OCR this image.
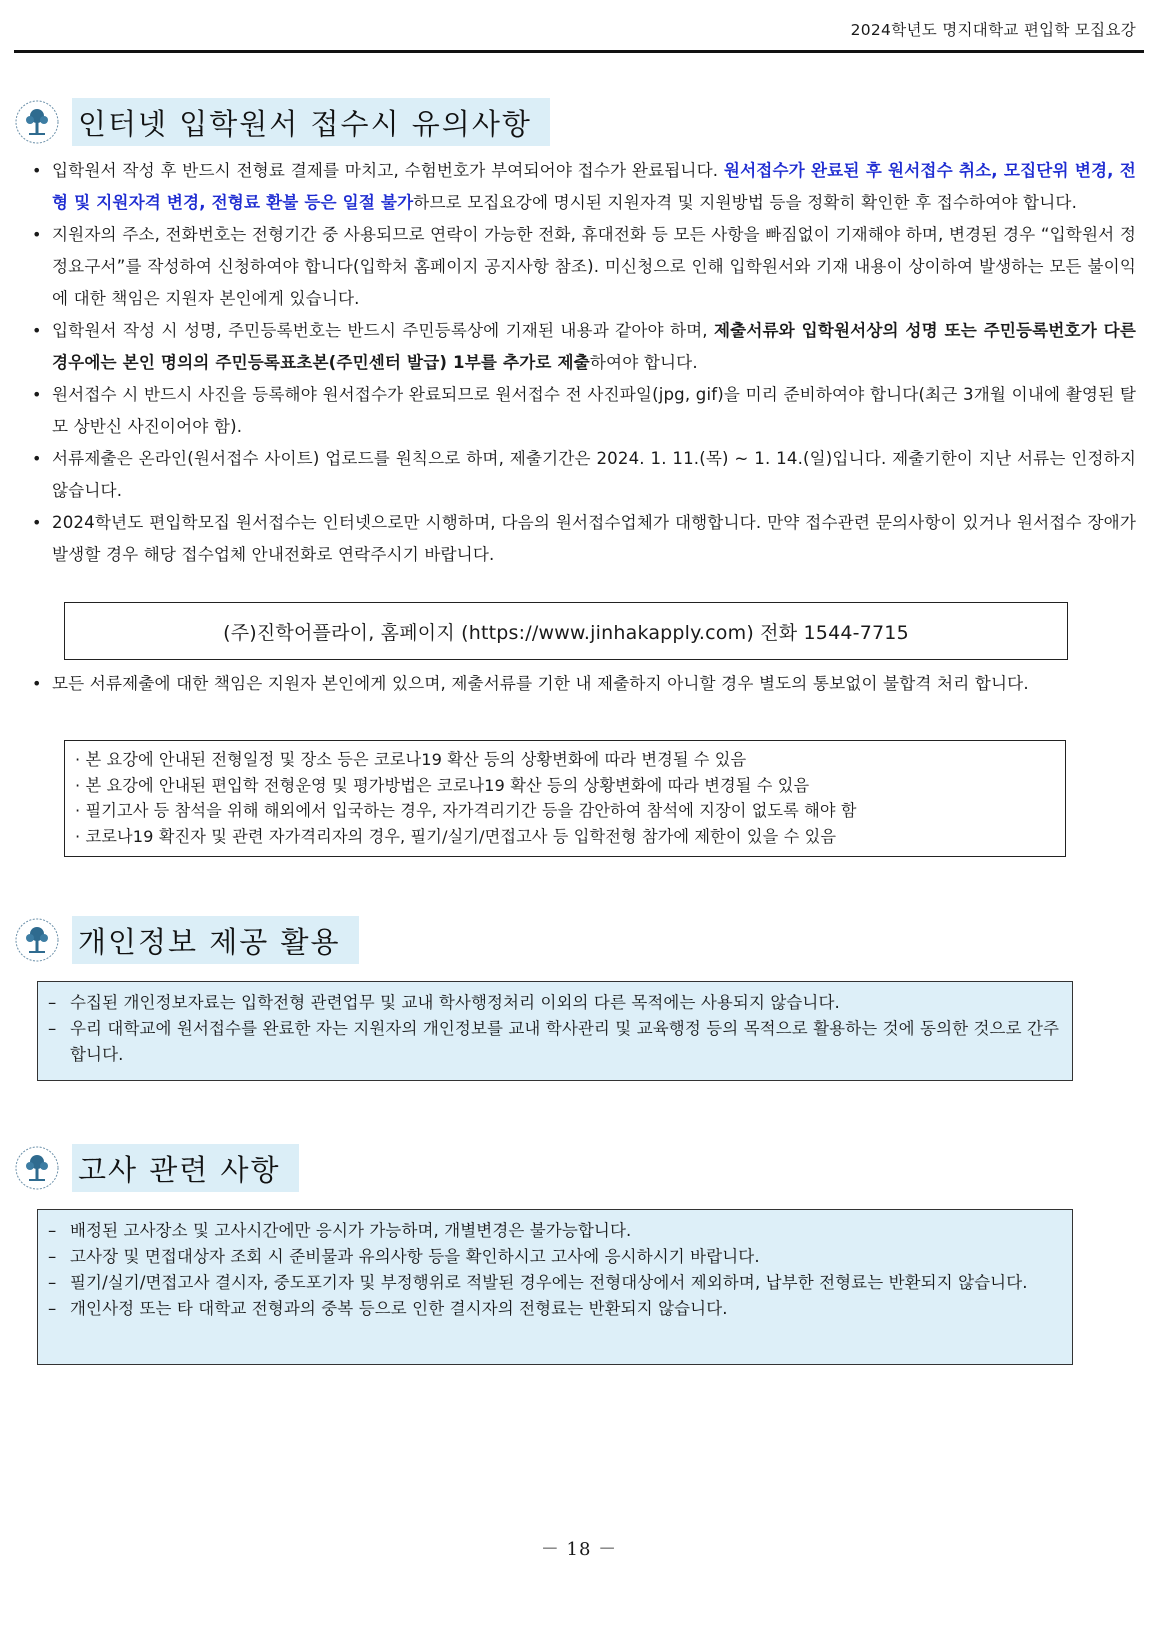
2024학년도 명지대학교 편입학 모집요강
인터넷 입학원서 접수시 유의사항
• 입학원서 작성 후 반드시 전형료 결제를 마치고, 수험번호가 부여되어야 접수가 완료됩니다. 원서접수가 완료된 후 원서접수 취소, 모집단위 변경, 전형 및 지원자격 변경, 전형료 환불 등은 일절 불가하므로 모집요강에 명시된 지원자격 및 지원방법 등을 정확히 확인한 후 접수하여야 합니다.
• 지원자의 주소, 전화번호는 전형기간 중 사용되므로 연락이 가능한 전화, 휴대전화 등 모든 사항을 빠짐없이 기재해야 하며, 변경된 경우 “입학원서 정정요구서”를 작성하여 신청하여야 합니다(입학처 홈페이지 공지사항 참조). 미신청으로 인해 입학원서와 기재 내용이 상이하여 발생하는 모든 불이익에 대한 책임은 지원자 본인에게 있습니다.
• 입학원서 작성 시 성명, 주민등록번호는 반드시 주민등록상에 기재된 내용과 같아야 하며, 제출서류와 입학원서상의 성명 또는 주민등록번호가 다른 경우에는 본인 명의의 주민등록표초본(주민센터 발급) 1부를 추가로 제출하여야 합니다.
• 원서접수 시 반드시 사진을 등록해야 원서접수가 완료되므로 원서접수 전 사진파일(jpg, gif)을 미리 준비하여야 합니다(최근 3개월 이내에 촬영된 탈모 상반신 사진이어야 함).
• 서류제출은 온라인(원서접수 사이트) 업로드를 원칙으로 하며, 제출기간은 2024. 1. 11.(목) ~ 1. 14.(일)입니다. 제출기한이 지난 서류는 인정하지 않습니다.
• 2024학년도 편입학모집 원서접수는 인터넷으로만 시행하며, 다음의 원서접수업체가 대행합니다. 만약 접수관련 문의사항이 있거나 원서접수 장애가 발생할 경우 해당 접수업체 안내전화로 연락주시기 바랍니다.
(주)진학어플라이, 홈페이지 (https://www.jinhakapply.com) 전화 1544-7715
• 모든 서류제출에 대한 책임은 지원자 본인에게 있으며, 제출서류를 기한 내 제출하지 아니할 경우 별도의 통보없이 불합격 처리 합니다.
· 본 요강에 안내된 전형일정 및 장소 등은 코로나19 확산 등의 상황변화에 따라 변경될 수 있음
· 본 요강에 안내된 편입학 전형운영 및 평가방법은 코로나19 확산 등의 상황변화에 따라 변경될 수 있음
· 필기고사 등 참석을 위해 해외에서 입국하는 경우, 자가격리기간 등을 감안하여 참석에 지장이 없도록 해야 함
· 코로나19 확진자 및 관련 자가격리자의 경우, 필기/실기/면접고사 등 입학전형 참가에 제한이 있을 수 있음
개인정보 제공 활용
– 수집된 개인정보자료는 입학전형 관련업무 및 교내 학사행정처리 이외의 다른 목적에는 사용되지 않습니다.
– 우리 대학교에 원서접수를 완료한 자는 지원자의 개인정보를 교내 학사관리 및 교육행정 등의 목적으로 활용하는 것에 동의한 것으로 간주합니다.
고사 관련 사항
– 배정된 고사장소 및 고사시간에만 응시가 가능하며, 개별변경은 불가능합니다.
– 고사장 및 면접대상자 조회 시 준비물과 유의사항 등을 확인하시고 고사에 응시하시기 바랍니다.
– 필기/실기/면접고사 결시자, 중도포기자 및 부정행위로 적발된 경우에는 전형대상에서 제외하며, 납부한 전형료는 반환되지 않습니다.
– 개인사정 또는 타 대학교 전형과의 중복 등으로 인한 결시자의 전형료는 반환되지 않습니다.
－ 18 －
